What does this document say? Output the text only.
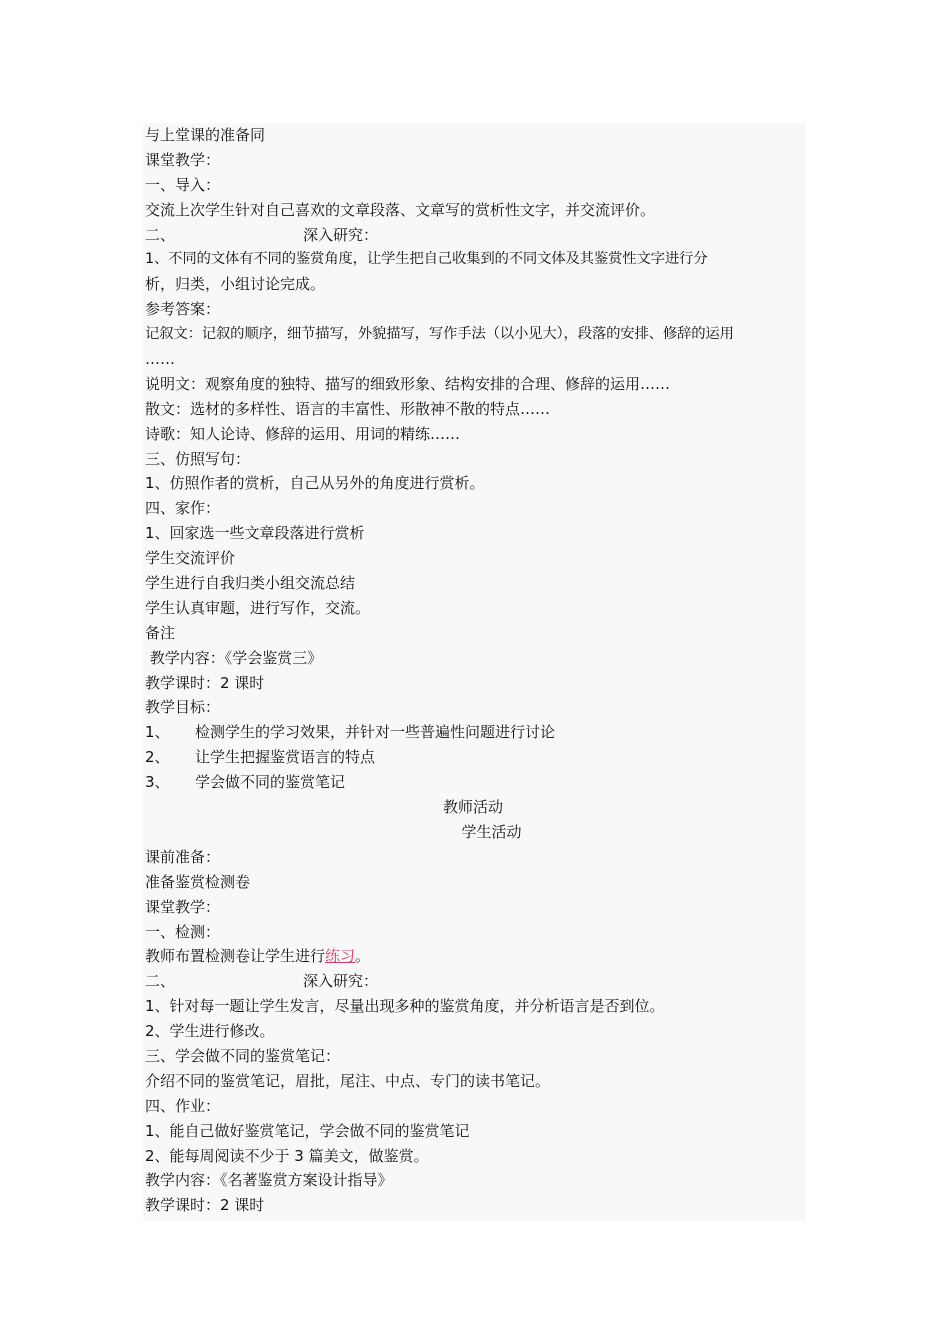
与上堂课的准备同
课堂教学：
一、导入：
交流上次学生针对自己喜欢的文章段落、文章写的赏析性文字，并交流评价。
二、	深入研究：
1、不同的文体有不同的鉴赏角度，让学生把自己收集到的不同文体及其鉴赏性文字进行分
析，归类，小组讨论完成。
参考答案：
记叙文：记叙的顺序，细节描写，外貌描写，写作手法（以小见大），段落的安排、修辞的运用
……
说明文：观察角度的独特、描写的细致形象、结构安排的合理、修辞的运用……
散文：选材的多样性、语言的丰富性、形散神不散的特点……
诗歌：知人论诗、修辞的运用、用词的精练……
三、仿照写句：
1、仿照作者的赏析，自己从另外的角度进行赏析。
四、家作：
1、回家选一些文章段落进行赏析
学生交流评价
学生进行自我归类小组交流总结
学生认真审题，进行写作，交流。
备注
教学内容：《学会鉴赏三》
教学课时：2 课时
教学目标：
1、 检测学生的学习效果，并针对一些普遍性问题进行讨论
2、 让学生把握鉴赏语言的特点
3、 学会做不同的鉴赏笔记
教师活动
学生活动
课前准备：
准备鉴赏检测卷
课堂教学：
一、检测：
教师布置检测卷让学生进行练习。
二、	深入研究：
1、针对每一题让学生发言，尽量出现多种的鉴赏角度，并分析语言是否到位。
2、学生进行修改。
三、学会做不同的鉴赏笔记：
介绍不同的鉴赏笔记，眉批，尾注、中点、专门的读书笔记。
四、作业：
1、能自己做好鉴赏笔记，学会做不同的鉴赏笔记
2、能每周阅读不少于 3 篇美文，做鉴赏。
教学内容：《名著鉴赏方案设计指导》
教学课时：2 课时
